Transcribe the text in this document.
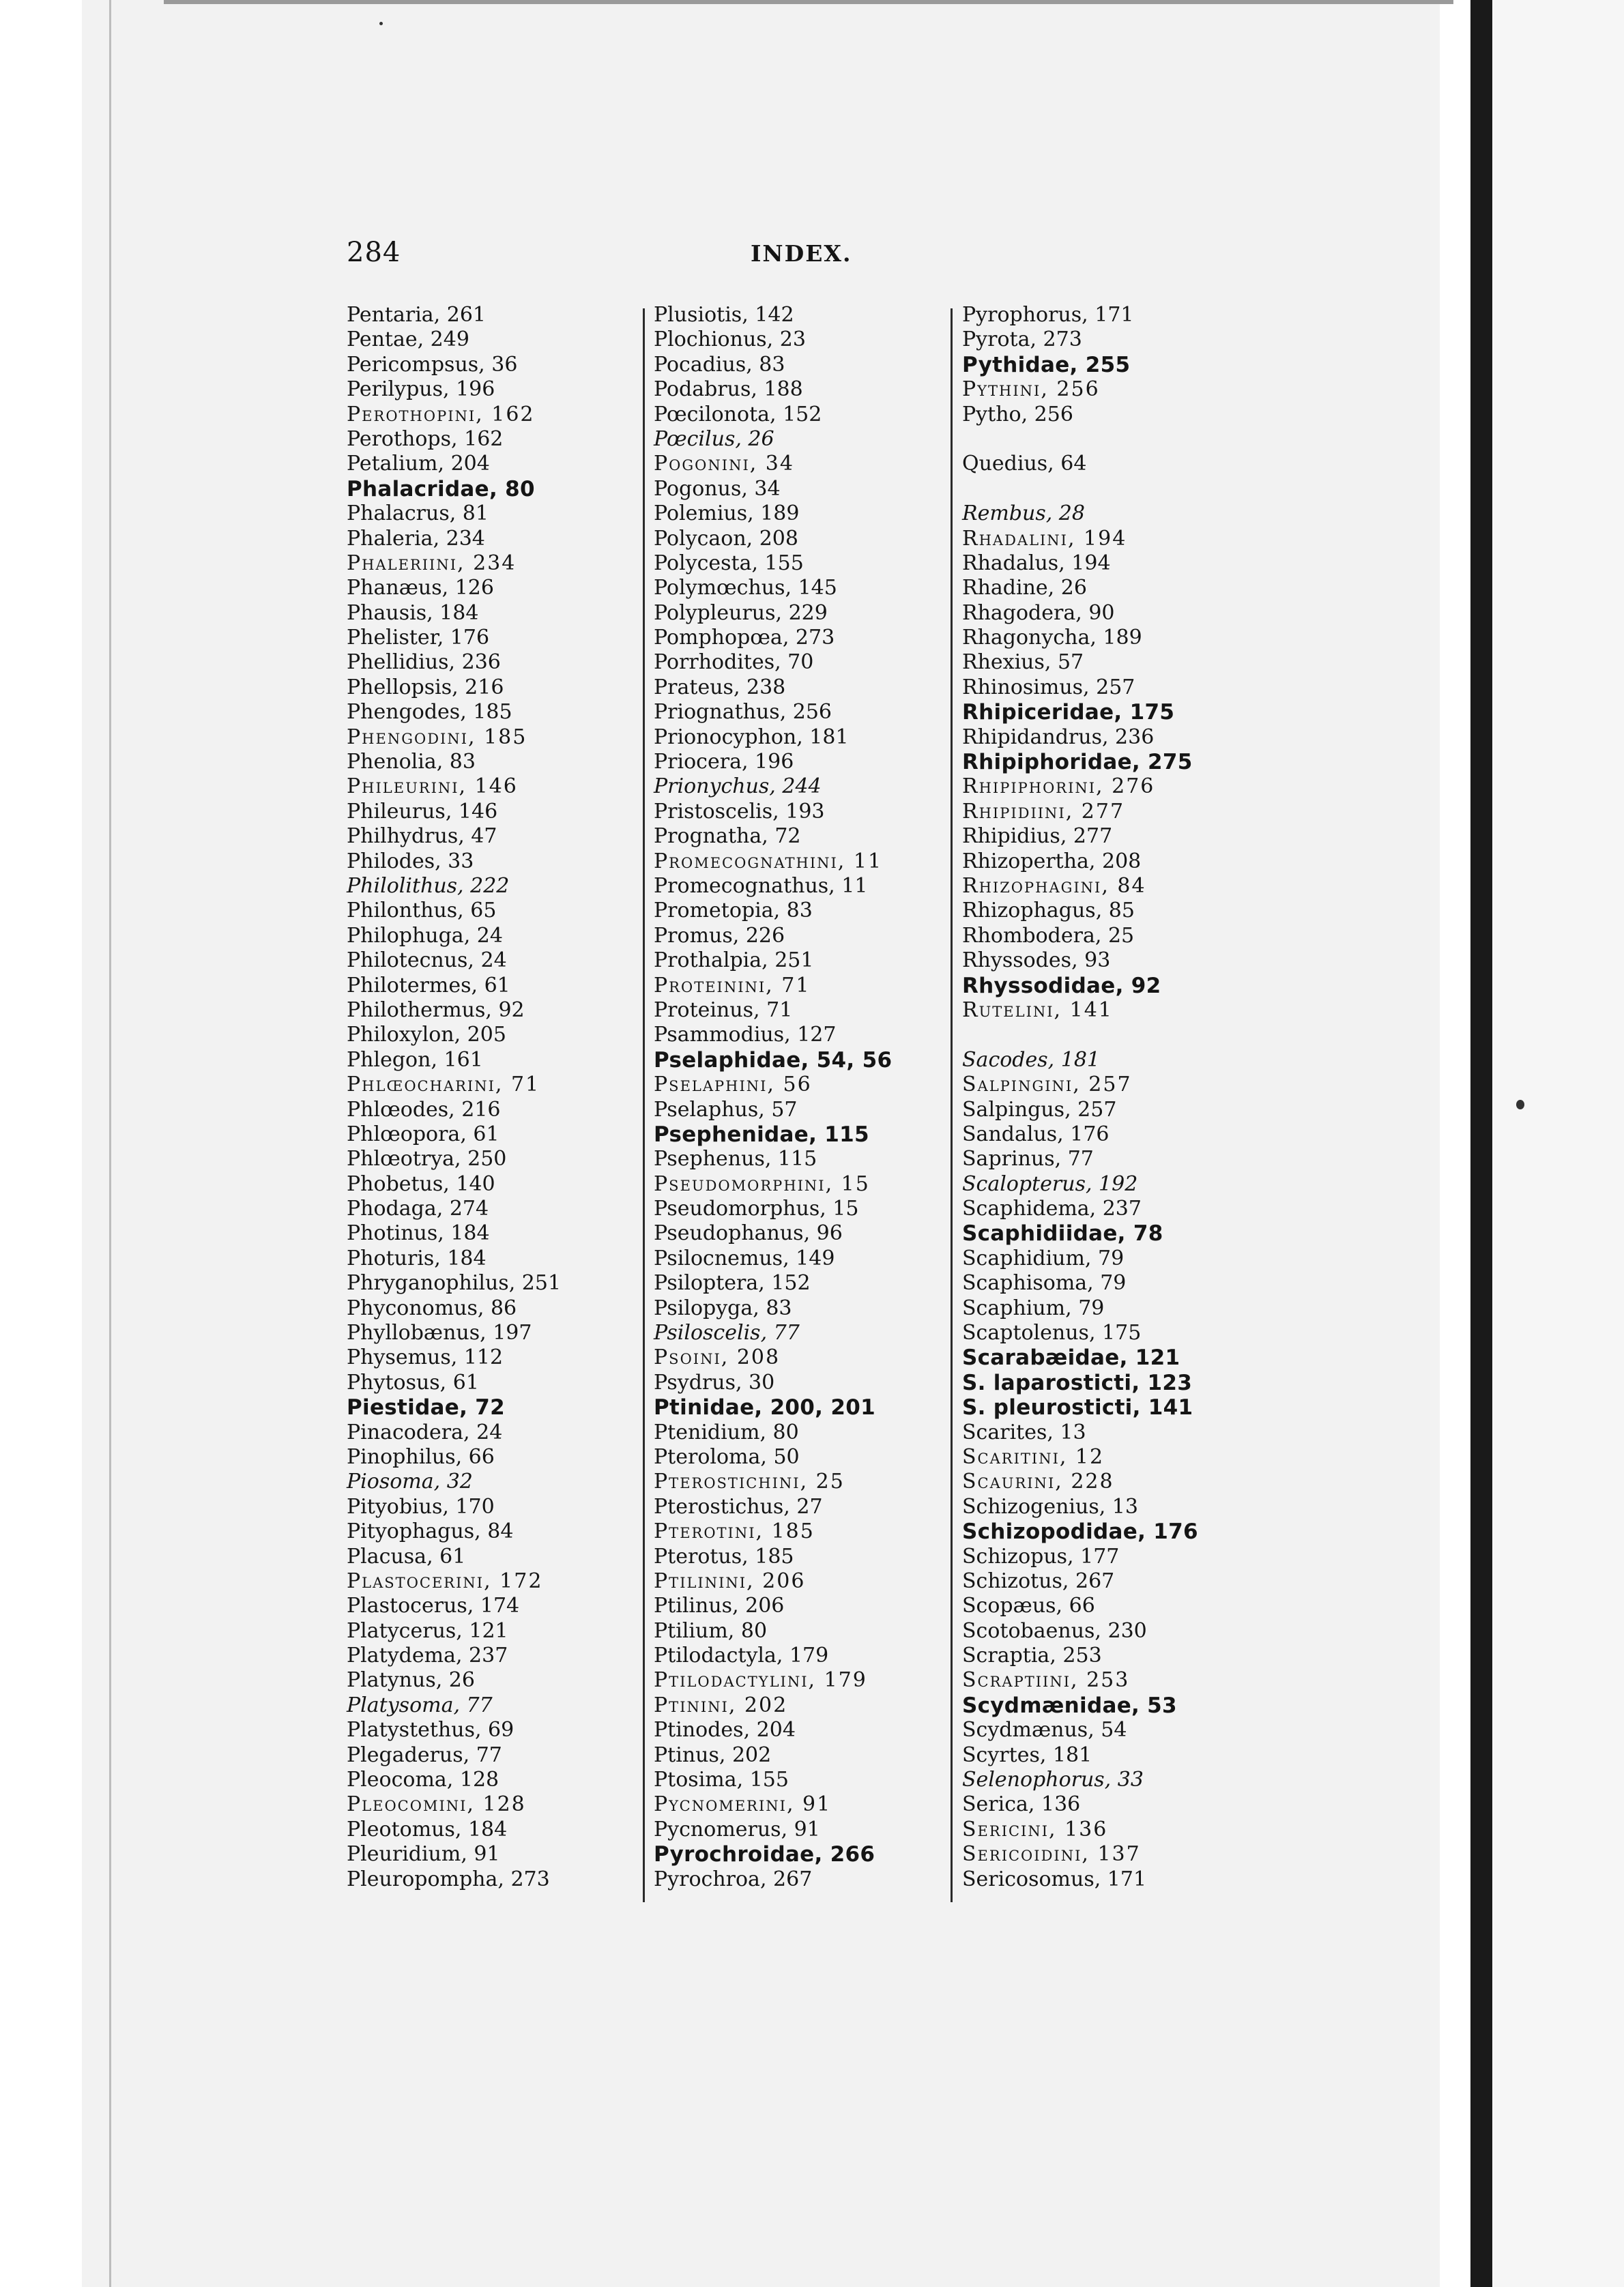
284	INDEX.
Pentaria, 261
Pentae, 249
Pericompsus, 36
Perilypus, 196
Perothopini, 162
Perothops, 162
Petalium, 204
Phalacridae, 80
Phalacrus, 81
Phaleria, 234
Phaleriini, 234
Phanæus, 126
Phausis, 184
Phelister, 176
Phellidius, 236
Phellopsis, 216
Phengodes, 185
Phengodini, 185
Phenolia, 83
Phileurini, 146
Phileurus, 146
Philhydrus, 47
Philodes, 33
Philolithus, 222
Philonthus, 65
Philophuga, 24
Philotecnus, 24
Philotermes, 61
Philothermus, 92
Philoxylon, 205
Phlegon, 161
Phlœocharini, 71
Phlœodes, 216
Phlœopora, 61
Phlœotrya, 250
Phobetus, 140
Phodaga, 274
Photinus, 184
Photuris, 184
Phryganophilus, 251
Phyconomus, 86
Phyllobænus, 197
Physemus, 112
Phytosus, 61
Piestidae, 72
Pinacodera, 24
Pinophilus, 66
Piosoma, 32
Pityobius, 170
Pityophagus, 84
Placusa, 61
Plastocerini, 172
Plastocerus, 174
Platycerus, 121
Platydema, 237
Platynus, 26
Platysoma, 77
Platystethus, 69
Plegaderus, 77
Pleocoma, 128
Pleocomini, 128
Pleotomus, 184
Pleuridium, 91
Pleuropompha, 273
Plusiotis, 142
Plochionus, 23
Pocadius, 83
Podabrus, 188
Pœcilonota, 152
Pœcilus, 26
Pogonini, 34
Pogonus, 34
Polemius, 189
Polycaon, 208
Polycesta, 155
Polymœchus, 145
Polypleurus, 229
Pomphopœa, 273
Porrhodites, 70
Prateus, 238
Priognathus, 256
Prionocyphon, 181
Priocera, 196
Prionychus, 244
Pristoscelis, 193
Prognatha, 72
Promecognathini, 11
Promecognathus, 11
Prometopia, 83
Promus, 226
Prothalpia, 251
Proteinini, 71
Proteinus, 71
Psammodius, 127
Pselaphidae, 54, 56
Pselaphini, 56
Pselaphus, 57
Psephenidae, 115
Psephenus, 115
Pseudomorphini, 15
Pseudomorphus, 15
Pseudophanus, 96
Psilocnemus, 149
Psiloptera, 152
Psilopyga, 83
Psiloscelis, 77
Psoini, 208
Psydrus, 30
Ptinidae, 200, 201
Ptenidium, 80
Pteroloma, 50
Pterostichini, 25
Pterostichus, 27
Pterotini, 185
Pterotus, 185
Ptilinini, 206
Ptilinus, 206
Ptilium, 80
Ptilodactyla, 179
Ptilodactylini, 179
Ptinini, 202
Ptinodes, 204
Ptinus, 202
Ptosima, 155
Pycnomerini, 91
Pycnomerus, 91
Pyrochroidae, 266
Pyrochroa, 267
Pyrophorus, 171
Pyrota, 273
Pythidae, 255
Pythini, 256
Pytho, 256

Quedius, 64

Rembus, 28
Rhadalini, 194
Rhadalus, 194
Rhadine, 26
Rhagodera, 90
Rhagonycha, 189
Rhexius, 57
Rhinosimus, 257
Rhipiceridae, 175
Rhipidandrus, 236
Rhipiphoridae, 275
Rhipiphorini, 276
Rhipidiini, 277
Rhipidius, 277
Rhizopertha, 208
Rhizophagini, 84
Rhizophagus, 85
Rhombodera, 25
Rhyssodes, 93
Rhyssodidae, 92
Rutelini, 141

Sacodes, 181
Salpingini, 257
Salpingus, 257
Sandalus, 176
Saprinus, 77
Scalopterus, 192
Scaphidema, 237
Scaphidiidae, 78
Scaphidium, 79
Scaphisoma, 79
Scaphium, 79
Scaptolenus, 175
Scarabæidae, 121
S. laparosticti, 123
S. pleurosticti, 141
Scarites, 13
Scaritini, 12
Scaurini, 228
Schizogenius, 13
Schizopodidae, 176
Schizopus, 177
Schizotus, 267
Scopæus, 66
Scotobaenus, 230
Scraptia, 253
Scraptiini, 253
Scydmænidae, 53
Scydmænus, 54
Scyrtes, 181
Selenophorus, 33
Serica, 136
Sericini, 136
Sericoidini, 137
Sericosomus, 171
